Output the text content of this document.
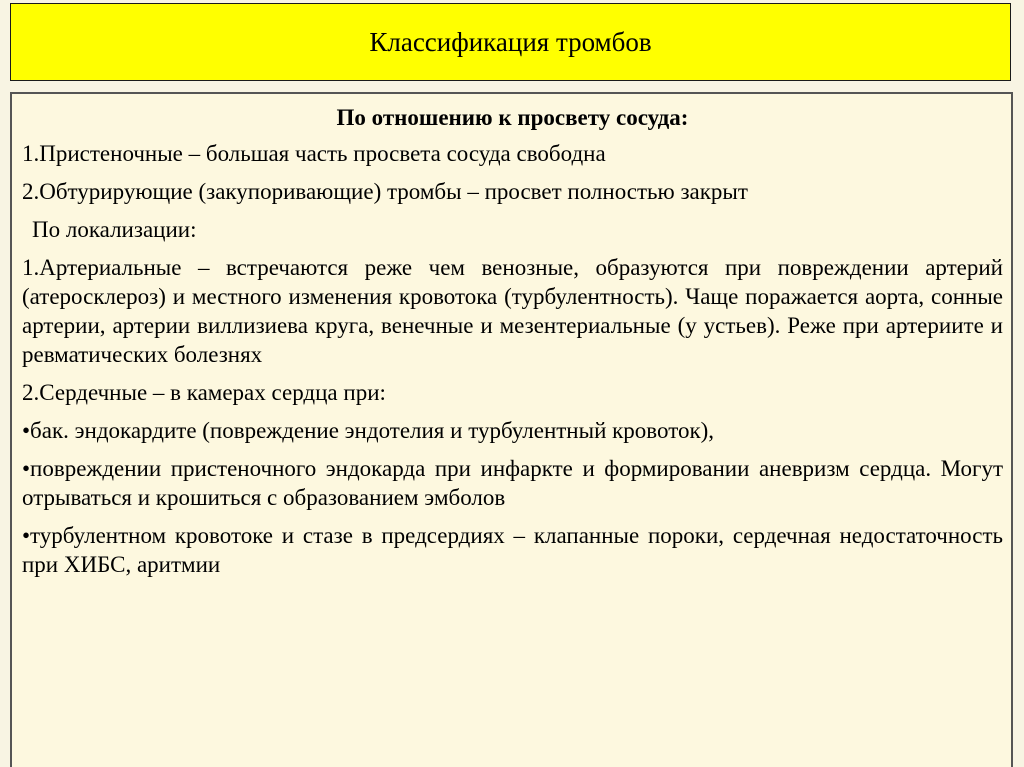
Классификация тромбов
По отношению к просвету сосуда:
1.Пристеночные – большая часть просвета сосуда свободна
2.Обтурирующие (закупоривающие) тромбы – просвет полностью закрыт
По локализации:
1.Артериальные – встречаются реже чем венозные, образуются при повреждении артерий (атеросклероз) и местного изменения кровотока (турбулентность). Чаще поражается аорта, сонные артерии, артерии виллизиева круга, венечные и мезентериальные (у устьев). Реже при артериите и ревматических болезнях
2.Сердечные – в камерах сердца при:
•бак. эндокардите (повреждение эндотелия и турбулентный кровоток),
•повреждении пристеночного эндокарда при инфаркте и формировании аневризм сердца. Могут отрываться и крошиться с образованием эмболов
•турбулентном кровотоке и стазе в предсердиях – клапанные пороки, сердечная недостаточность при ХИБС, аритмии
